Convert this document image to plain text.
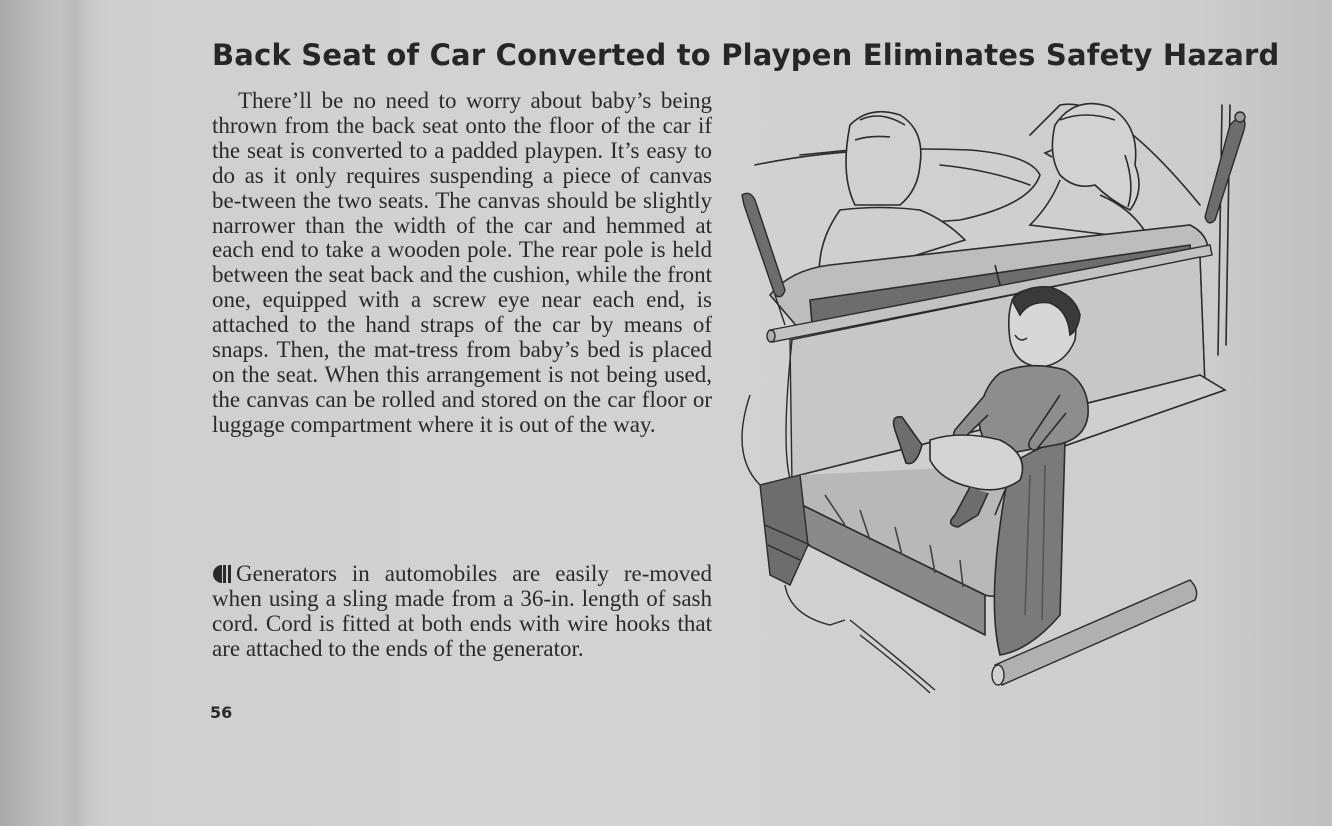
Back Seat of Car Converted to Playpen Eliminates Safety Hazard

There’ll be no need to worry about baby’s being thrown from the back seat onto the floor of the car if the seat is converted to a padded playpen. It’s easy to do as it only requires suspending a piece of canvas be-tween the two seats. The canvas should be slightly narrower than the width of the car and hemmed at each end to take a wooden pole. The rear pole is held between the seat back and the cushion, while the front one, equipped with a screw eye near each end, is attached to the hand straps of the car by means of snaps. Then, the mat-tress from baby’s bed is placed on the seat. When this arrangement is not being used, the canvas can be rolled and stored on the car floor or luggage compartment where it is out of the way.

Generators in automobiles are easily re-moved when using a sling made from a 36-in. length of sash cord. Cord is fitted at both ends with wire hooks that are attached to the ends of the generator.

56
